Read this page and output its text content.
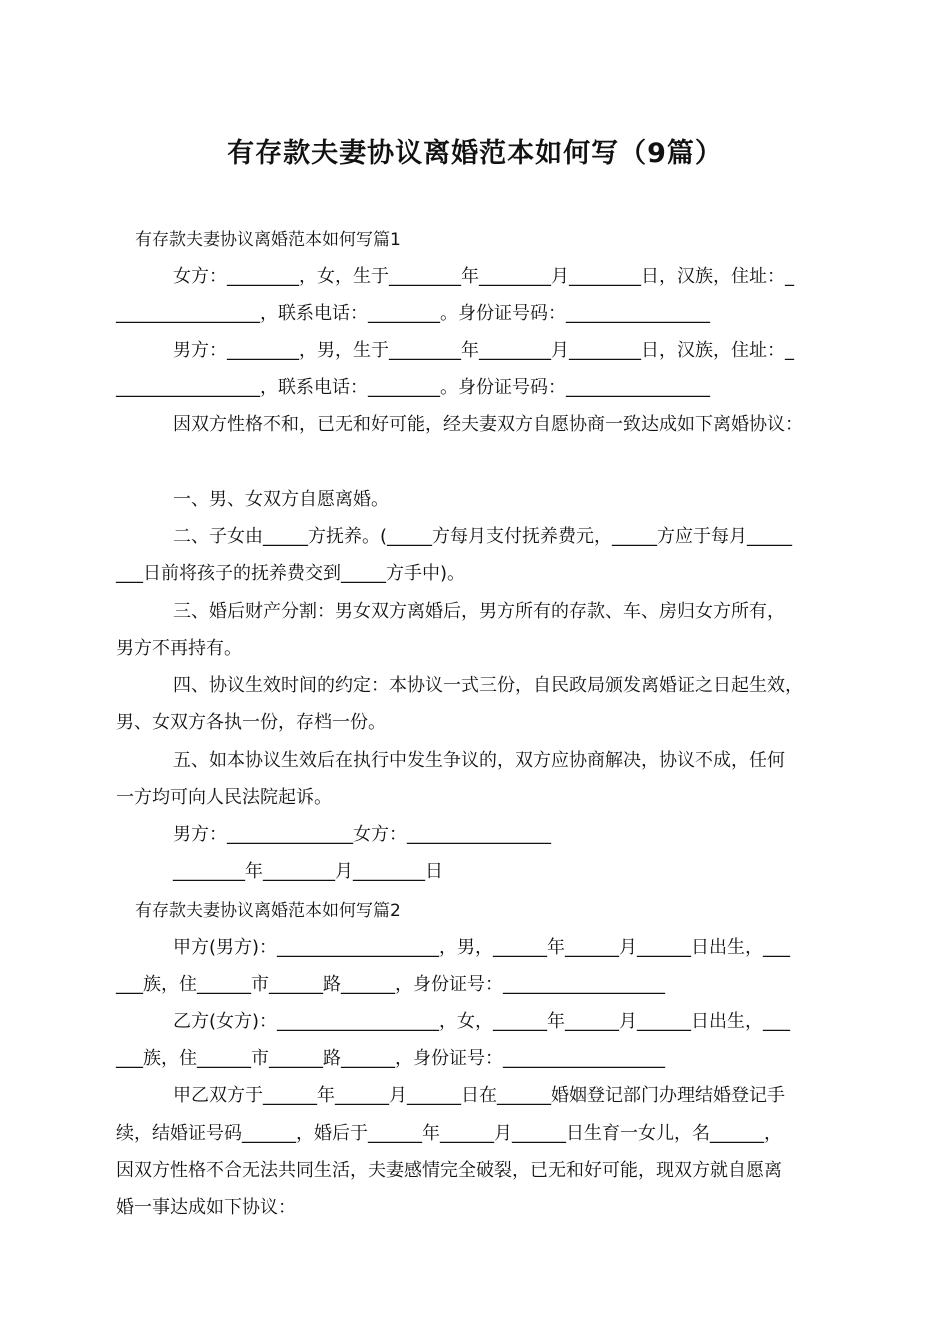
有存款夫妻协议离婚范本如何写（9篇）
有存款夫妻协议离婚范本如何写篇1
女方：________，女，生于________年________月________日，汉族，住址：_
________________，联系电话：________。身份证号码：________________
男方：________，男，生于________年________月________日，汉族，住址：_
________________，联系电话：________。身份证号码：________________
因双方性格不和，已无和好可能，经夫妻双方自愿协商一致达成如下离婚协议：
一、男、女双方自愿离婚。
二、子女由_____方抚养。(_____方每月支付抚养费元，_____方应于每月_____
___日前将孩子的抚养费交到_____方手中)。
三、婚后财产分割：男女双方离婚后，男方所有的存款、车、房归女方所有，
男方不再持有。
四、协议生效时间的约定：本协议一式三份，自民政局颁发离婚证之日起生效，
男、女双方各执一份，存档一份。
五、如本协议生效后在执行中发生争议的，双方应协商解决，协议不成，任何
一方均可向人民法院起诉。
男方：______________女方：________________
________年________月________日
有存款夫妻协议离婚范本如何写篇2
甲方(男方)：__________________，男，______年______月______日出生，___
___族，住______市______路______，身份证号：__________________
乙方(女方)：__________________，女，______年______月______日出生，___
___族，住______市______路______，身份证号：__________________
甲乙双方于______年______月______日在______婚姻登记部门办理结婚登记手
续，结婚证号码______，婚后于______年______月______日生育一女儿，名______，
因双方性格不合无法共同生活，夫妻感情完全破裂，已无和好可能，现双方就自愿离
婚一事达成如下协议：
